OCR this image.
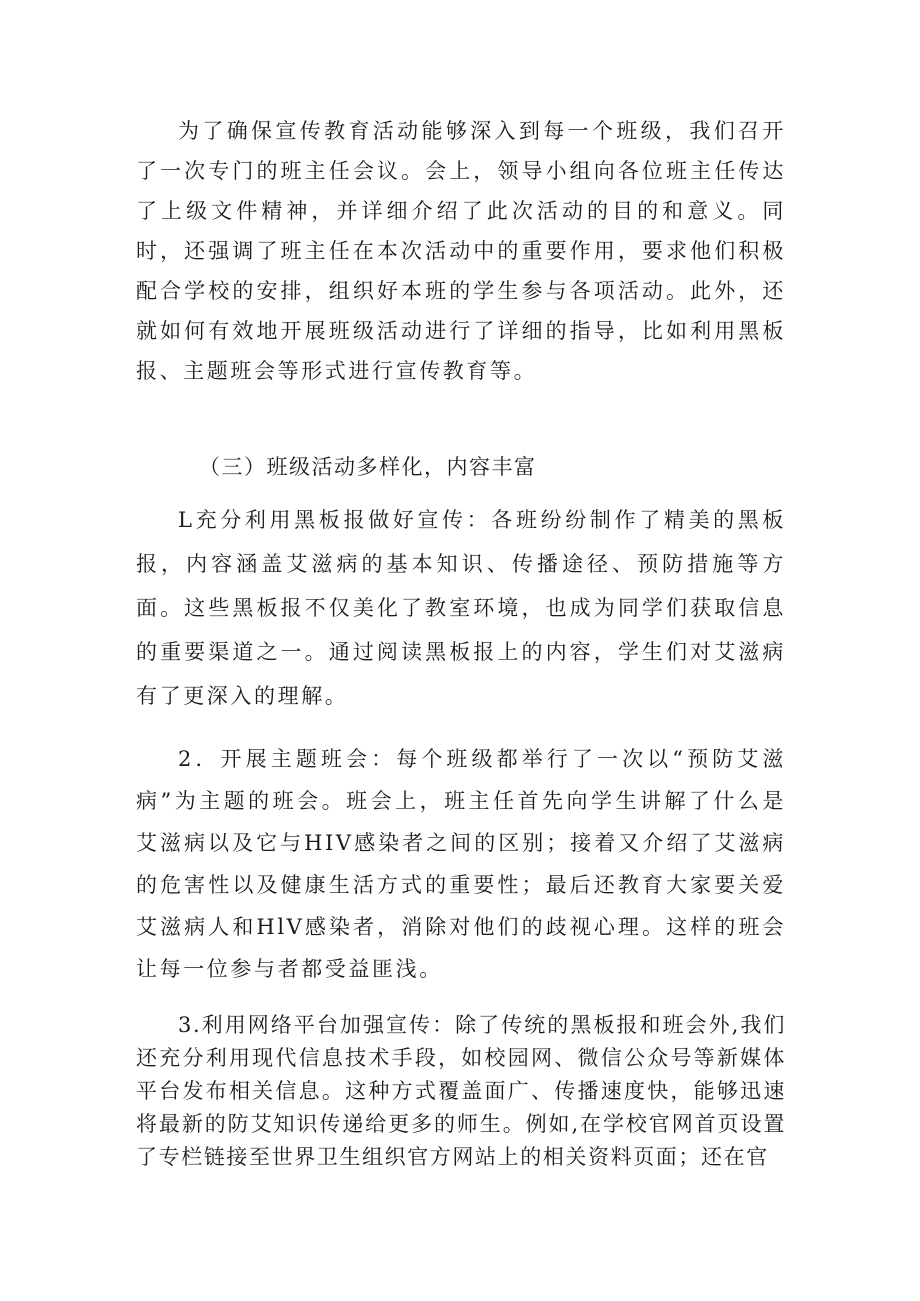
为了确保宣传教育活动能够深入到每一个班级，我们召开了一次专门的班主任会议。会上，领导小组向各位班主任传达了上级文件精神，并详细介绍了此次活动的目的和意义。同时，还强调了班主任在本次活动中的重要作用，要求他们积极配合学校的安排，组织好本班的学生参与各项活动。此外，还就如何有效地开展班级活动进行了详细的指导，比如利用黑板报、主题班会等形式进行宣传教育等。

（三）班级活动多样化，内容丰富

L充分利用黑板报做好宣传：各班纷纷制作了精美的黑板报，内容涵盖艾滋病的基本知识、传播途径、预防措施等方面。这些黑板报不仅美化了教室环境，也成为同学们获取信息的重要渠道之一。通过阅读黑板报上的内容，学生们对艾滋病有了更深入的理解。

2．开展主题班会：每个班级都举行了一次以“预防艾滋病”为主题的班会。班会上，班主任首先向学生讲解了什么是艾滋病以及它与HIV感染者之间的区别；接着又介绍了艾滋病的危害性以及健康生活方式的重要性；最后还教育大家要关爱艾滋病人和HlV感染者，消除对他们的歧视心理。这样的班会让每一位参与者都受益匪浅。

3.利用网络平台加强宣传：除了传统的黑板报和班会外,我们还充分利用现代信息技术手段，如校园网、微信公众号等新媒体平台发布相关信息。这种方式覆盖面广、传播速度快，能够迅速将最新的防艾知识传递给更多的师生。例如,在学校官网首页设置了专栏链接至世界卫生组织官方网站上的相关资料页面；还在官
